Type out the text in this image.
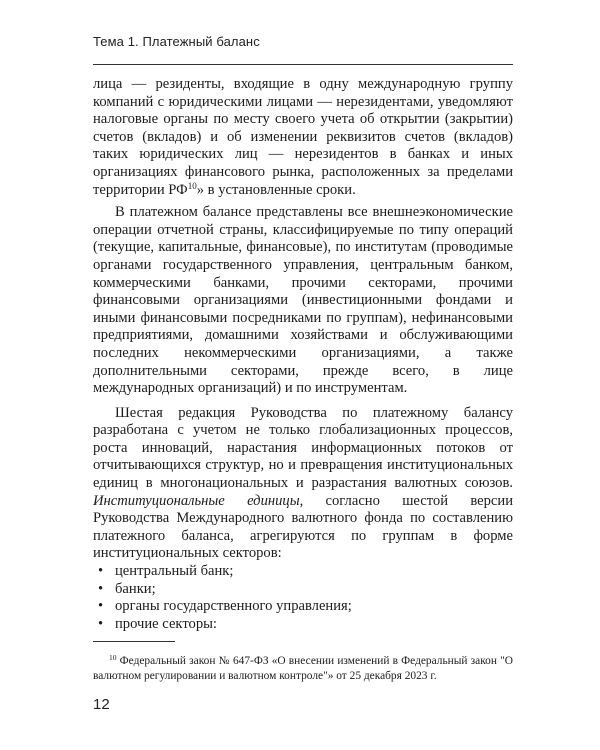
Тема 1. Платежный баланс

лица — резиденты, входящие в одну международную группу компаний с юридическими лицами — нерезидентами, уведомляют налоговые органы по месту своего учета об открытии (закрытии) счетов (вкладов) и об изменении реквизитов счетов (вкладов) таких юридических лиц — нерезидентов в банках и иных организациях финансового рынка, расположенных за пределами территории РФ$^{10}$» в установленные сроки.

В платежном балансе представлены все внешнеэкономические операции отчетной страны, классифицируемые по типу операций (текущие, капитальные, финансовые), по институтам (проводимые органами государственного управления, центральным банком, коммерческими банками, прочими секторами, прочими финансовыми организациями (инвестиционными фондами и иными финансовыми посредниками по группам), нефинансовыми предприятиями, домашними хозяйствами и обслуживающими последних некоммерческими организациями, а также дополнительными секторами, прежде всего, в лице международных организаций) и по инструментам.

Шестая редакция Руководства по платежному балансу разработана с учетом не только глобализационных процессов, роста инноваций, нарастания информационных потоков от отчитывающихся структур, но и превращения институциональных единиц в многонациональных и разрастания валютных союзов. Институциональные единицы, согласно шестой версии Руководства Международного валютного фонда по составлению платежного баланса, агрегируются по группам в форме институциональных секторов:

• центральный банк;
• банки;
• органы государственного управления;
• прочие секторы:
$^{10}$ Федеральный закон № 647-ФЗ «О внесении изменений в Федеральный закон "О валютном регулировании и валютном контроле"» от 25 декабря 2023 г.
12
